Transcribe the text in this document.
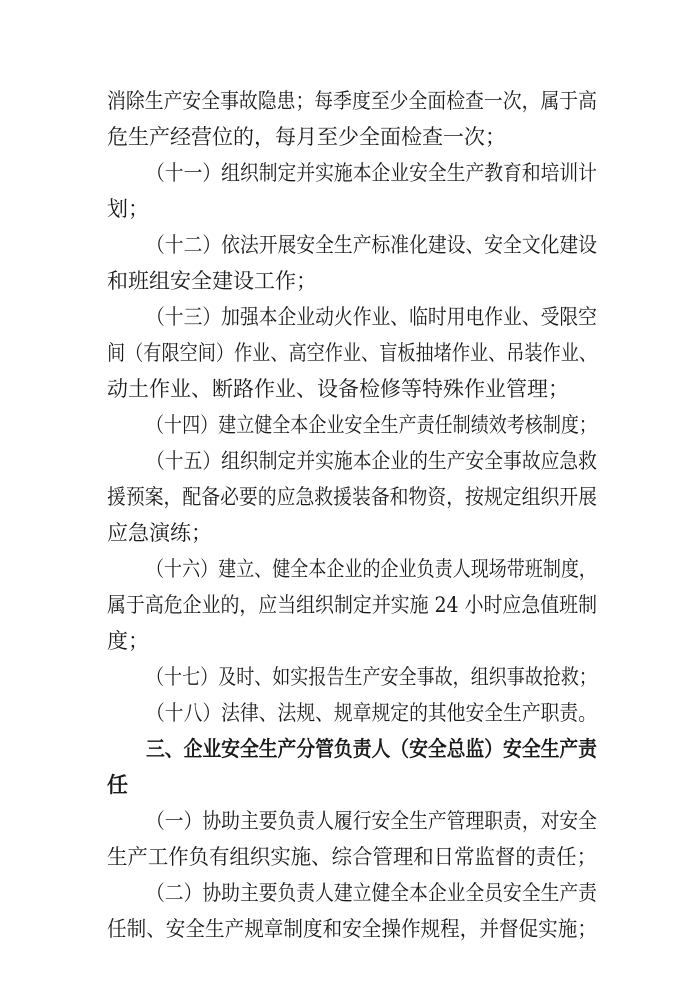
消除生产安全事故隐患；每季度至少全面检查一次，属于高
危生产经营位的，每月至少全面检查一次；
（十一）组织制定并实施本企业安全生产教育和培训计
划；
（十二）依法开展安全生产标准化建设、安全文化建设
和班组安全建设工作；
（十三）加强本企业动火作业、临时用电作业、受限空
间（有限空间）作业、高空作业、盲板抽堵作业、吊装作业、
动土作业、断路作业、设备检修等特殊作业管理；
（十四）建立健全本企业安全生产责任制绩效考核制度；
（十五）组织制定并实施本企业的生产安全事故应急救
援预案，配备必要的应急救援装备和物资，按规定组织开展
应急演练；
（十六）建立、健全本企业的企业负责人现场带班制度，
属于高危企业的，应当组织制定并实施 24 小时应急值班制
度；
（十七）及时、如实报告生产安全事故，组织事故抢救；
（十八）法律、法规、规章规定的其他安全生产职责。
三、企业安全生产分管负责人（安全总监）安全生产责
任
（一）协助主要负责人履行安全生产管理职责，对安全
生产工作负有组织实施、综合管理和日常监督的责任；
（二）协助主要负责人建立健全本企业全员安全生产责
任制、安全生产规章制度和安全操作规程，并督促实施；
